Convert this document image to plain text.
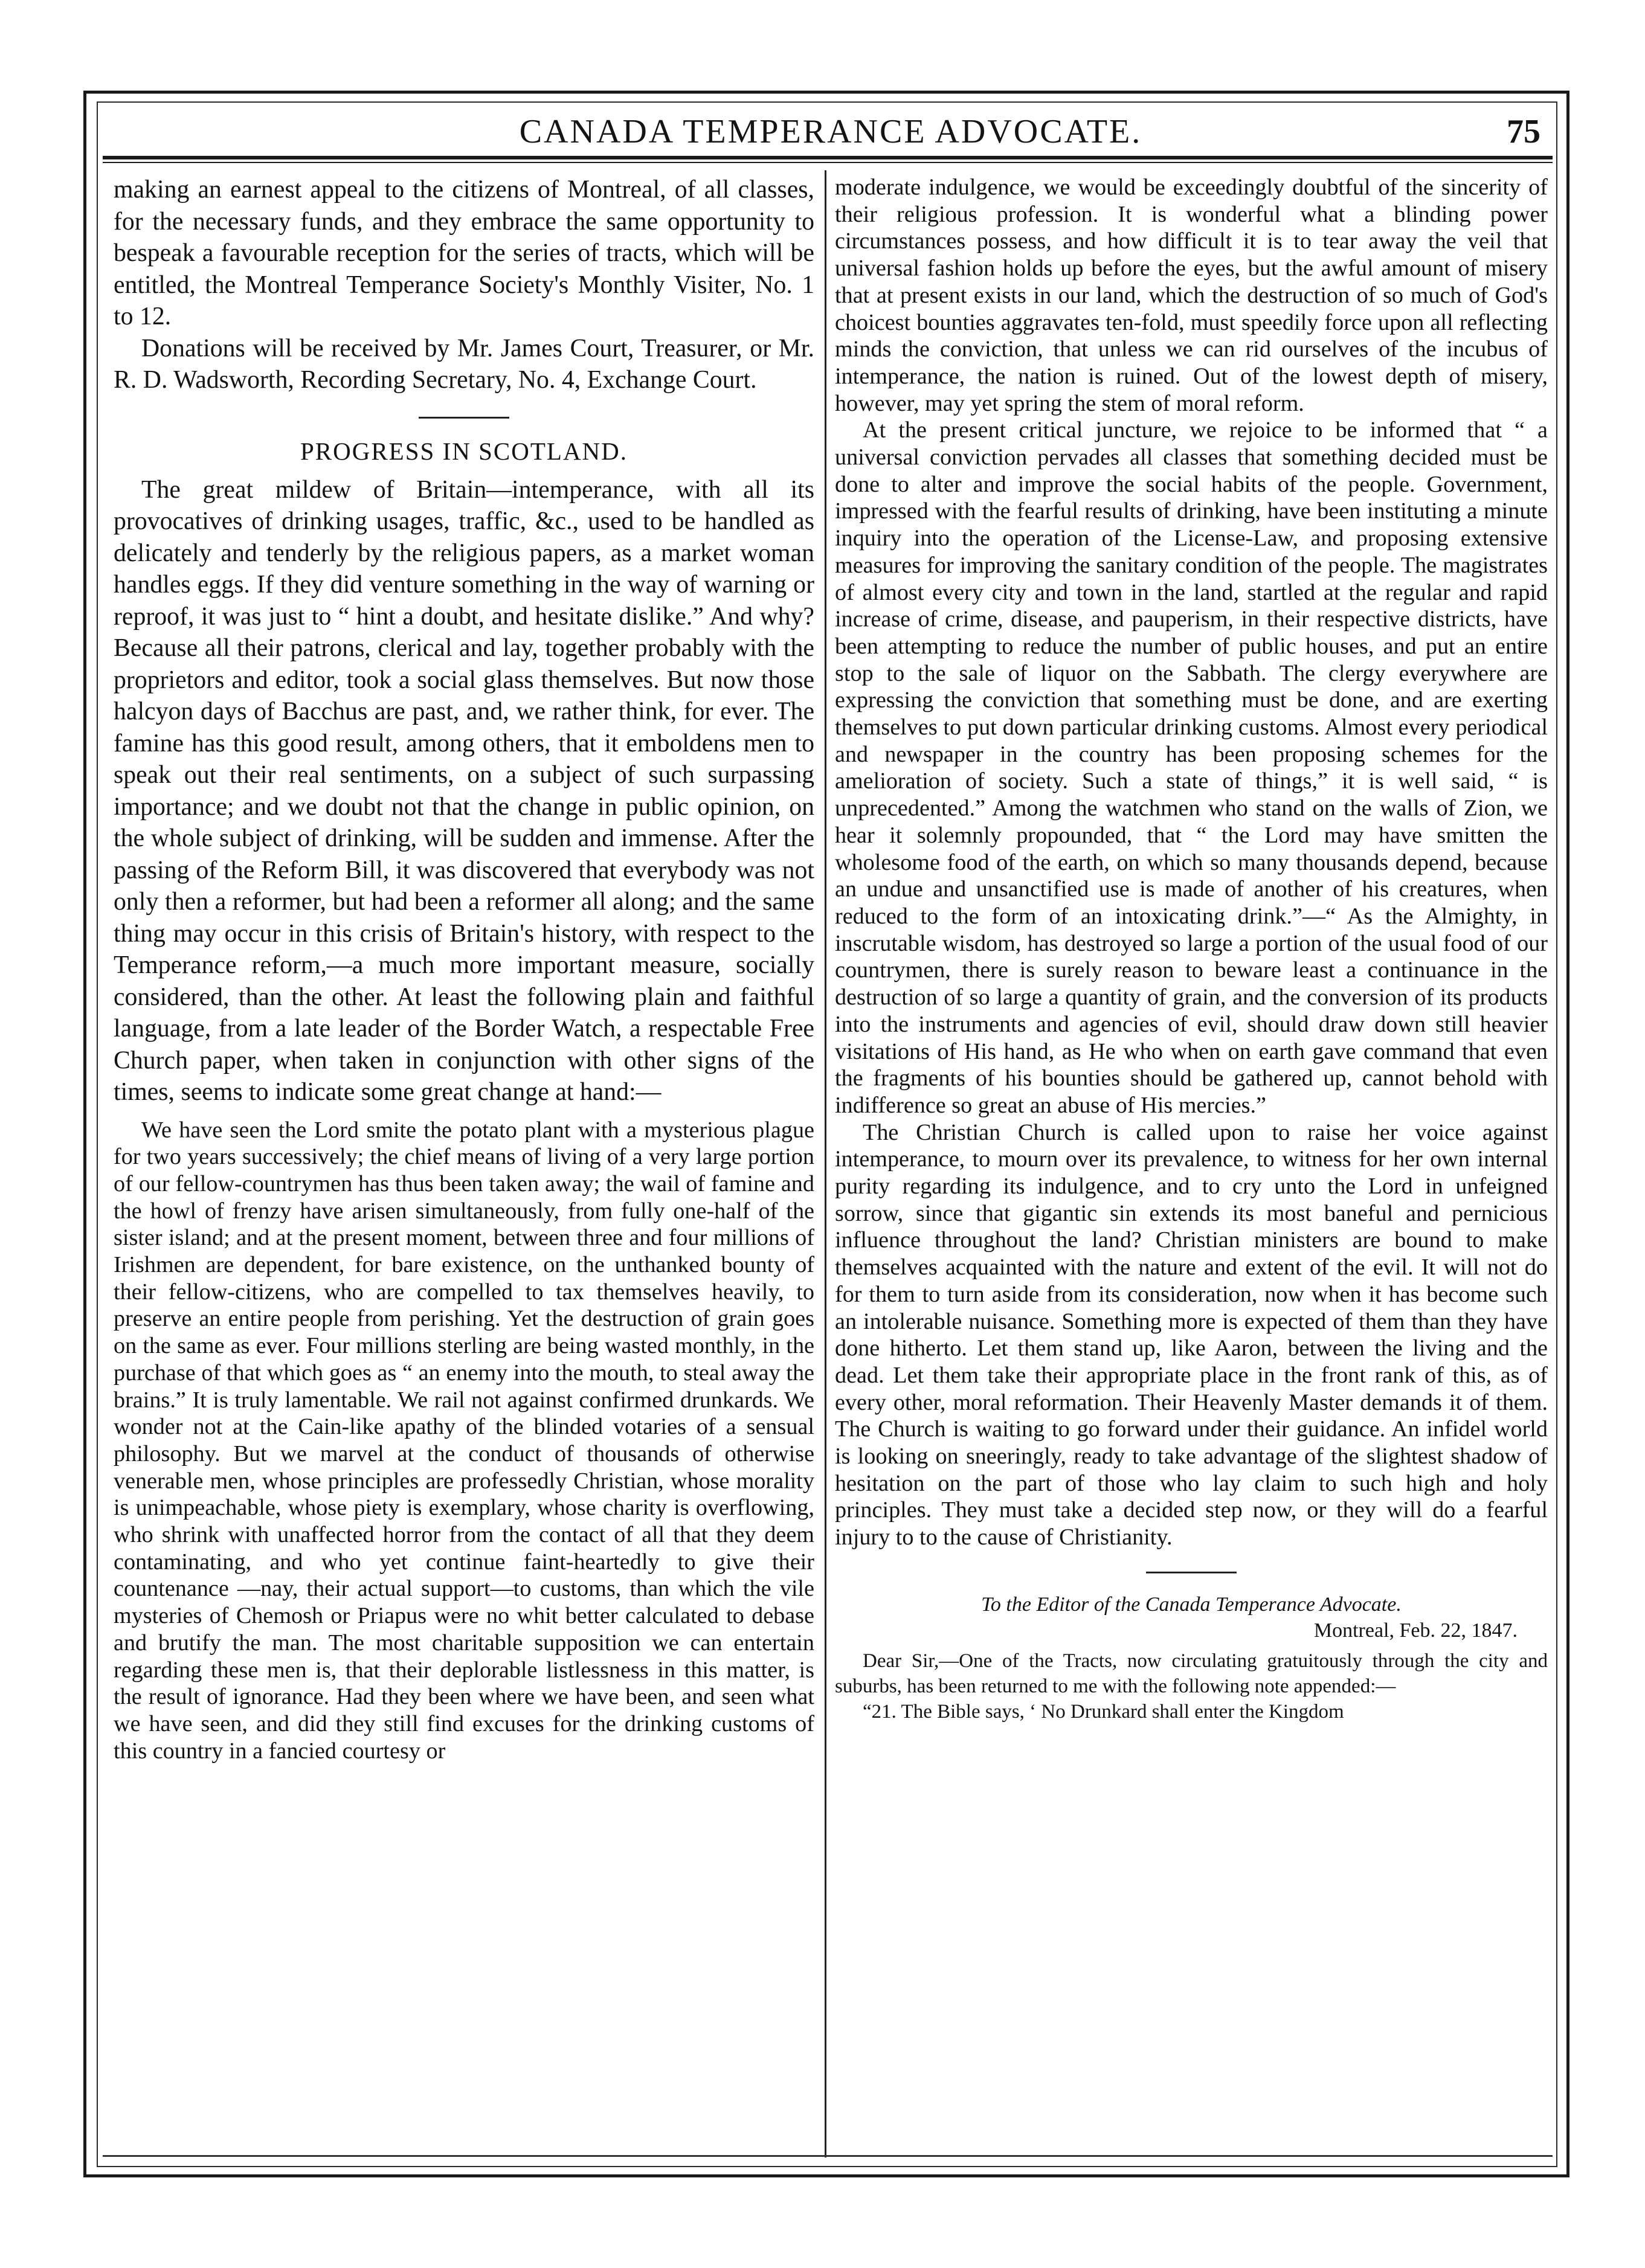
CANADA TEMPERANCE ADVOCATE.	75

making an earnest appeal to the citizens of Montreal, of all classes, for the necessary funds, and they embrace the same opportunity to bespeak a favourable reception for the series of tracts, which will be entitled, the Montreal Temperance Society's Monthly Visiter, No. 1 to 12.

Donations will be received by Mr. James Court, Treasurer, or Mr. R. D. Wadsworth, Recording Secretary, No. 4, Exchange Court.

PROGRESS IN SCOTLAND.

The great mildew of Britain—intemperance, with all its provocatives of drinking usages, traffic, &c., used to be handled as delicately and tenderly by the religious papers, as a market woman handles eggs. If they did venture something in the way of warning or reproof, it was just to “ hint a doubt, and hesitate dislike.” And why? Because all their patrons, clerical and lay, together probably with the proprietors and editor, took a social glass themselves. But now those halcyon days of Bacchus are past, and, we rather think, for ever. The famine has this good result, among others, that it emboldens men to speak out their real sentiments, on a subject of such surpassing importance; and we doubt not that the change in public opinion, on the whole subject of drinking, will be sudden and immense. After the passing of the Reform Bill, it was discovered that everybody was not only then a reformer, but had been a reformer all along; and the same thing may occur in this crisis of Britain's history, with respect to the Temperance reform,—a much more important measure, socially considered, than the other. At least the following plain and faithful language, from a late leader of the Border Watch, a respectable Free Church paper, when taken in conjunction with other signs of the times, seems to indicate some great change at hand:—

We have seen the Lord smite the potato plant with a mysterious plague for two years successively; the chief means of living of a very large portion of our fellow-countrymen has thus been taken away; the wail of famine and the howl of frenzy have arisen simultaneously, from fully one-half of the sister island; and at the present moment, between three and four millions of Irishmen are dependent, for bare existence, on the unthanked bounty of their fellow-citizens, who are compelled to tax themselves heavily, to preserve an entire people from perishing. Yet the destruction of grain goes on the same as ever. Four millions sterling are being wasted monthly, in the purchase of that which goes as “ an enemy into the mouth, to steal away the brains.” It is truly lamentable. We rail not against confirmed drunkards. We wonder not at the Cain-like apathy of the blinded votaries of a sensual philosophy. But we marvel at the conduct of thousands of otherwise venerable men, whose principles are professedly Christian, whose morality is unimpeachable, whose piety is exemplary, whose charity is overflowing, who shrink with unaffected horror from the contact of all that they deem contaminating, and who yet continue faint-heartedly to give their countenance —nay, their actual support—to customs, than which the vile mysteries of Chemosh or Priapus were no whit better calculated to debase and brutify the man. The most charitable supposition we can entertain regarding these men is, that their deplorable listlessness in this matter, is the result of ignorance. Had they been where we have been, and seen what we have seen, and did they still find excuses for the drinking customs of this country in a fancied courtesy or

moderate indulgence, we would be exceedingly doubtful of the sincerity of their religious profession. It is wonderful what a blinding power circumstances possess, and how difficult it is to tear away the veil that universal fashion holds up before the eyes, but the awful amount of misery that at present exists in our land, which the destruction of so much of God's choicest bounties aggravates ten-fold, must speedily force upon all reflecting minds the conviction, that unless we can rid ourselves of the incubus of intemperance, the nation is ruined. Out of the lowest depth of misery, however, may yet spring the stem of moral reform.

At the present critical juncture, we rejoice to be informed that “ a universal conviction pervades all classes that something decided must be done to alter and improve the social habits of the people. Government, impressed with the fearful results of drinking, have been instituting a minute inquiry into the operation of the License-Law, and proposing extensive measures for improving the sanitary condition of the people. The magistrates of almost every city and town in the land, startled at the regular and rapid increase of crime, disease, and pauperism, in their respective districts, have been attempting to reduce the number of public houses, and put an entire stop to the sale of liquor on the Sabbath. The clergy everywhere are expressing the conviction that something must be done, and are exerting themselves to put down particular drinking customs. Almost every periodical and newspaper in the country has been proposing schemes for the amelioration of society. Such a state of things,” it is well said, “ is unprecedented.” Among the watchmen who stand on the walls of Zion, we hear it solemnly propounded, that “ the Lord may have smitten the wholesome food of the earth, on which so many thousands depend, because an undue and unsanctified use is made of another of his creatures, when reduced to the form of an intoxicating drink.”—“ As the Almighty, in inscrutable wisdom, has destroyed so large a portion of the usual food of our countrymen, there is surely reason to beware least a continuance in the destruction of so large a quantity of grain, and the conversion of its products into the instruments and agencies of evil, should draw down still heavier visitations of His hand, as He who when on earth gave command that even the fragments of his bounties should be gathered up, cannot behold with indifference so great an abuse of His mercies.”

The Christian Church is called upon to raise her voice against intemperance, to mourn over its prevalence, to witness for her own internal purity regarding its indulgence, and to cry unto the Lord in unfeigned sorrow, since that gigantic sin extends its most baneful and pernicious influence throughout the land? Christian ministers are bound to make themselves acquainted with the nature and extent of the evil. It will not do for them to turn aside from its consideration, now when it has become such an intolerable nuisance. Something more is expected of them than they have done hitherto. Let them stand up, like Aaron, between the living and the dead. Let them take their appropriate place in the front rank of this, as of every other, moral reformation. Their Heavenly Master demands it of them. The Church is waiting to go forward under their guidance. An infidel world is looking on sneeringly, ready to take advantage of the slightest shadow of hesitation on the part of those who lay claim to such high and holy principles. They must take a decided step now, or they will do a fearful injury to to the cause of Christianity.

To the Editor of the Canada Temperance Advocate.
Montreal, Feb. 22, 1847.

Dear Sir,—One of the Tracts, now circulating gratuitously through the city and suburbs, has been returned to me with the following note appended:—

“21. The Bible says, ‘ No Drunkard shall enter the Kingdom
